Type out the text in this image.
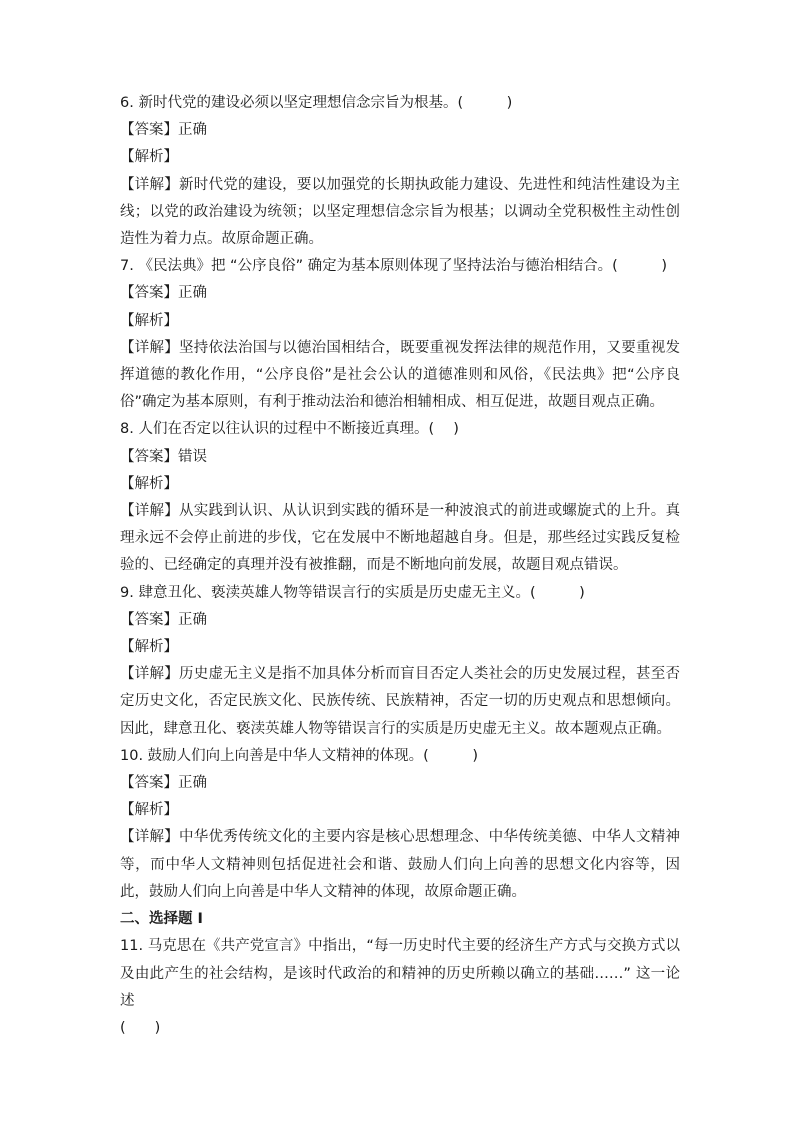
6. 新时代党的建设必须以坚定理想信念宗旨为根基。(　　　)
【答案】正确
【解析】
【详解】新时代党的建设，要以加强党的长期执政能力建设、先进性和纯洁性建设为主线；以党的政治建设为统领；以坚定理想信念宗旨为根基；以调动全党积极性主动性创造性为着力点。故原命题正确。
7. 《民法典》把 “公序良俗” 确定为基本原则体现了坚持法治与德治相结合。(　　　)
【答案】正确
【解析】
【详解】坚持依法治国与以德治国相结合，既要重视发挥法律的规范作用，又要重视发挥道德的教化作用，“公序良俗”是社会公认的道德准则和风俗，《民法典》把“公序良俗”确定为基本原则，有利于推动法治和德治相辅相成、相互促进，故题目观点正确。
8. 人们在否定以往认识的过程中不断接近真理。(　 )
【答案】错误
【解析】
【详解】从实践到认识、从认识到实践的循环是一种波浪式的前进或螺旋式的上升。真理永远不会停止前进的步伐，它在发展中不断地超越自身。但是，那些经过实践反复检验的、已经确定的真理并没有被推翻，而是不断地向前发展，故题目观点错误。
9. 肆意丑化、亵渎英雄人物等错误言行的实质是历史虚无主义。(　　　)
【答案】正确
【解析】
【详解】历史虚无主义是指不加具体分析而盲目否定人类社会的历史发展过程，甚至否定历史文化，否定民族文化、民族传统、民族精神，否定一切的历史观点和思想倾向。因此，肆意丑化、亵渎英雄人物等错误言行的实质是历史虚无主义。故本题观点正确。
10. 鼓励人们向上向善是中华人文精神的体现。(　　　)
【答案】正确
【解析】
【详解】中华优秀传统文化的主要内容是核心思想理念、中华传统美德、中华人文精神等，而中华人文精神则包括促进社会和谐、鼓励人们向上向善的思想文化内容等，因此，鼓励人们向上向善是中华人文精神的体现，故原命题正确。
二、选择题 I
11. 马克思在《共产党宣言》中指出，“每一历史时代主要的经济生产方式与交换方式以及由此产生的社会结构，是该时代政治的和精神的历史所赖以确立的基础……” 这一论述
(　　)
